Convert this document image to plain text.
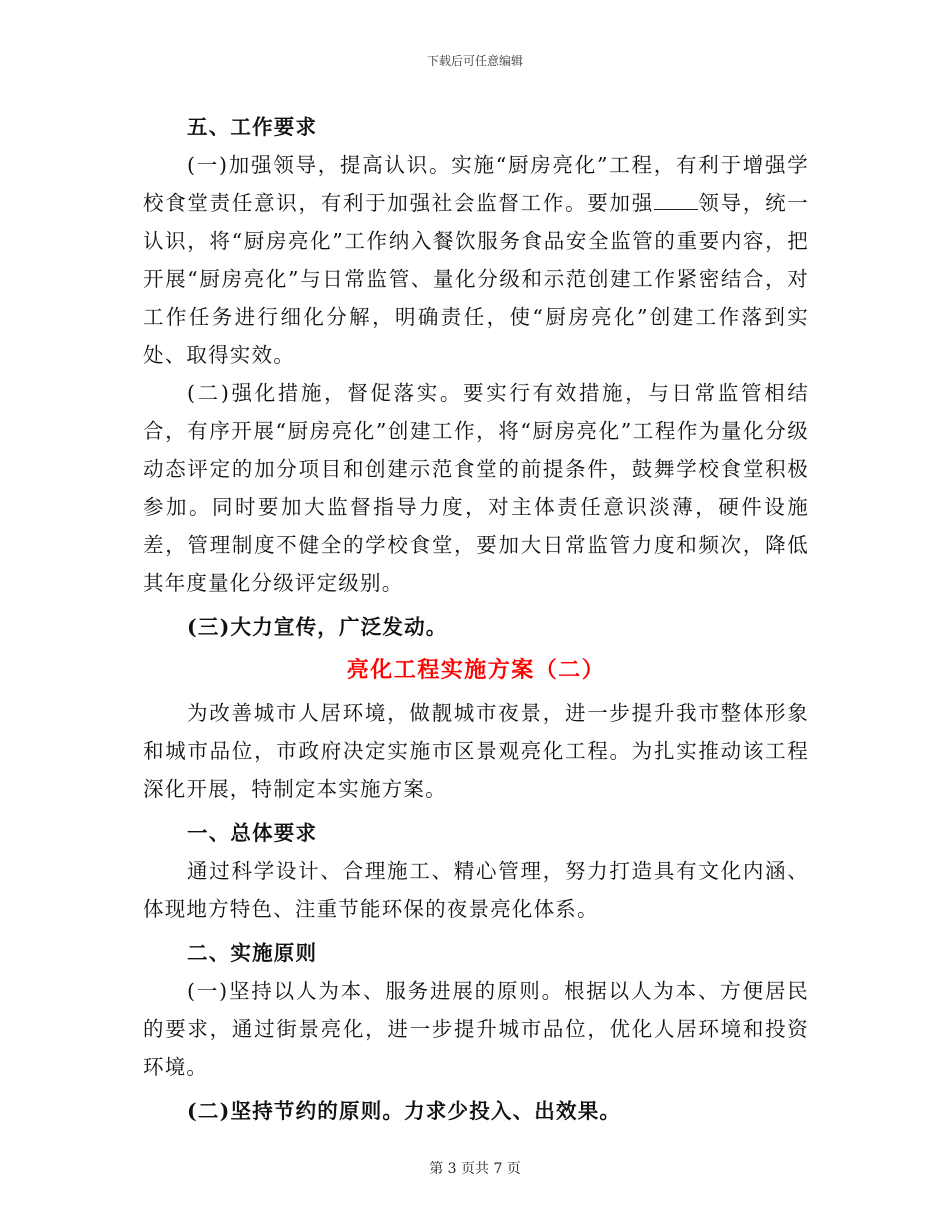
下载后可任意编辑

五、工作要求

(一)加强领导，提高认识。实施“厨房亮化”工程，有利于增强学校食堂责任意识，有利于加强社会监督工作。要加强 领导，统一认识，将“厨房亮化”工作纳入餐饮服务食品安全监管的重要内容，把开展“厨房亮化”与日常监管、量化分级和示范创建工作紧密结合，对工作任务进行细化分解，明确责任，使“厨房亮化”创建工作落到实处、取得实效。

(二)强化措施，督促落实。要实行有效措施，与日常监管相结合，有序开展“厨房亮化”创建工作，将“厨房亮化”工程作为量化分级动态评定的加分项目和创建示范食堂的前提条件，鼓舞学校食堂积极参加。同时要加大监督指导力度，对主体责任意识淡薄，硬件设施差，管理制度不健全的学校食堂，要加大日常监管力度和频次，降低其年度量化分级评定级别。

(三)大力宣传，广泛发动。

亮化工程实施方案（二）

为改善城市人居环境，做靓城市夜景，进一步提升我市整体形象和城市品位，市政府决定实施市区景观亮化工程。为扎实推动该工程深化开展，特制定本实施方案。

一、总体要求

通过科学设计、合理施工、精心管理，努力打造具有文化内涵、体现地方特色、注重节能环保的夜景亮化体系。

二、实施原则

(一)坚持以人为本、服务进展的原则。根据以人为本、方便居民的要求，通过街景亮化，进一步提升城市品位，优化人居环境和投资环境。

(二)坚持节约的原则。力求少投入、出效果。

第 3 页共 7 页
